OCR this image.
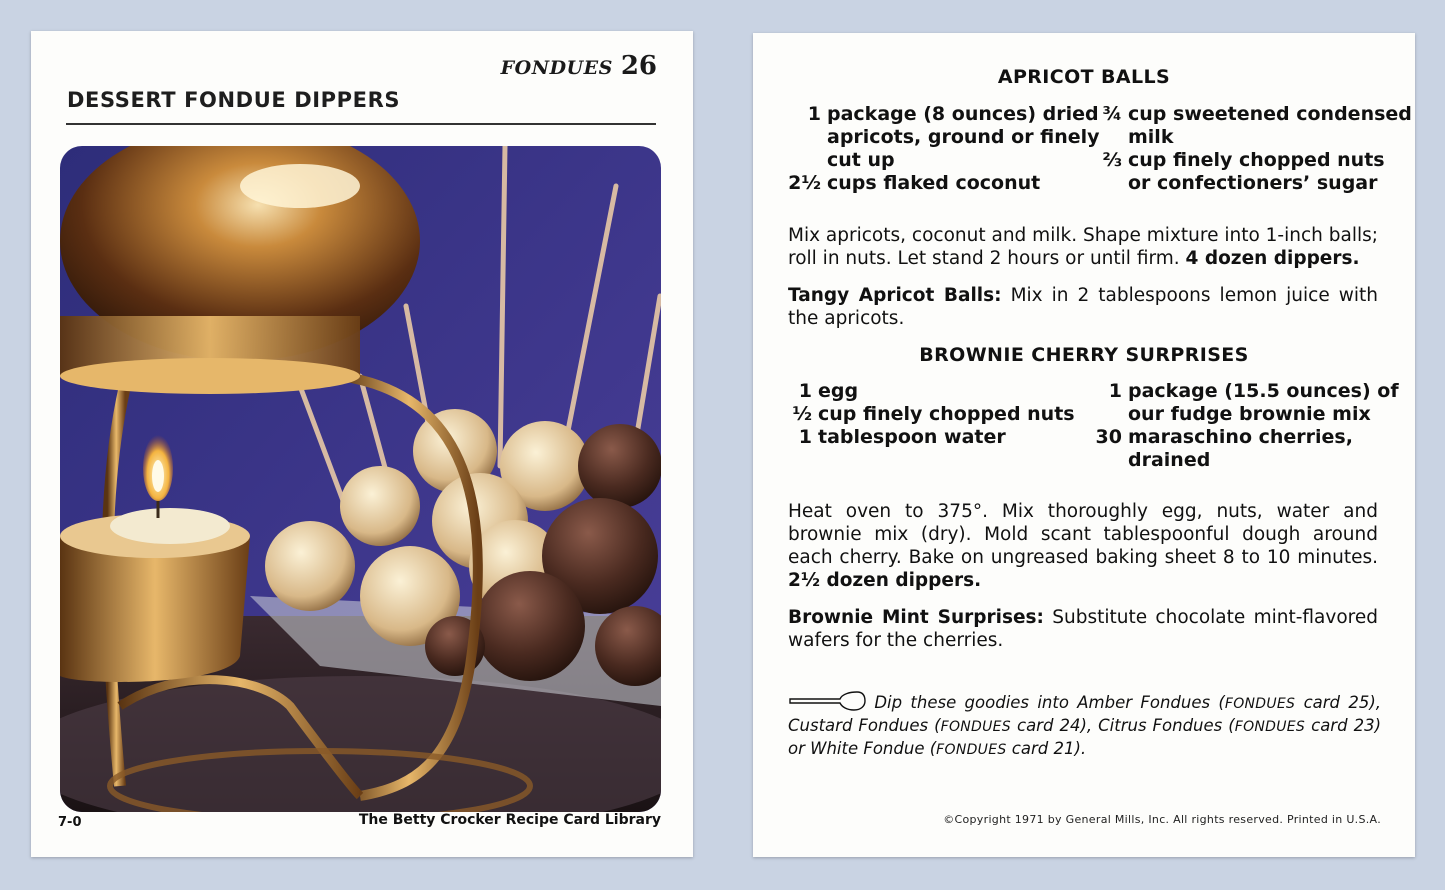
FONDUES 26
DESSERT FONDUE DIPPERS
7-0	The Betty Crocker Recipe Card Library
APRICOT BALLS
1 package (8 ounces) dried
apricots, ground or finely
cut up
2½ cups flaked coconut
¾ cup sweetened condensed
milk
⅔ cup finely chopped nuts
or confectioners’ sugar
Mix apricots, coconut and milk. Shape mixture into 1-inch balls; roll in nuts. Let stand 2 hours or until firm. 4 dozen dippers.
Tangy Apricot Balls: Mix in 2 tablespoons lemon juice with the apricots.
BROWNIE CHERRY SURPRISES
1 egg
½ cup finely chopped nuts
1 tablespoon water
1 package (15.5 ounces) of
our fudge brownie mix
30 maraschino cherries,
drained
Heat oven to 375°. Mix thoroughly egg, nuts, water and brownie mix (dry). Mold scant tablespoonful dough around each cherry. Bake on ungreased baking sheet 8 to 10 minutes. 2½ dozen dippers.
Brownie Mint Surprises: Substitute chocolate mint-flavored wafers for the cherries.
Dip these goodies into Amber Fondues (FONDUES card 25), Custard Fondues (FONDUES card 24), Citrus Fondues (FONDUES card 23) or White Fondue (FONDUES card 21).
©Copyright 1971 by General Mills, Inc. All rights reserved. Printed in U.S.A.
